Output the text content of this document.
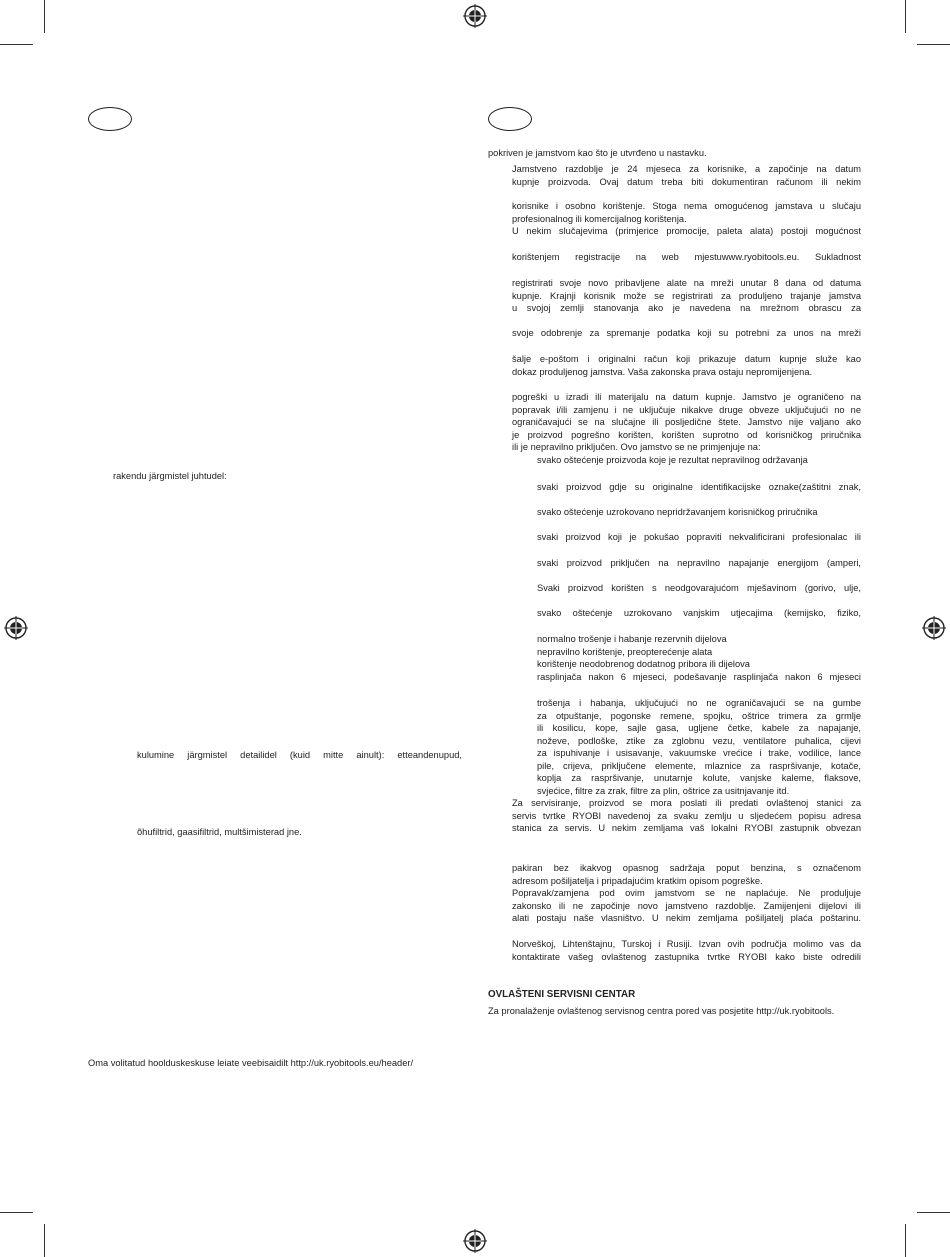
rakendu järgmistel juhtudel:
kulumine järgmistel detailidel (kuid mitte ainult): etteandenupud,
õhufiltrid, gaasifiltrid, multšimisterad jne.
Oma volitatud hoolduskeskuse leiate veebisaidilt http://uk.ryobitools.eu/header/
pokriven je jamstvom kao što je utvrđeno u nastavku.
Jamstveno razdoblje je 24 mjeseca za korisnike, a započinje na datum
kupnje proizvoda. Ovaj datum treba biti dokumentiran računom ili nekim
korisnike i osobno korištenje. Stoga nema omogućenog jamstava u slučaju
profesionalnog ili komercijalnog korištenja.
U nekim slučajevima (primjerice promocije, paleta alata) postoji mogućnost
korištenjem registracije na web mjestuwww.ryobitools.eu. Sukladnost
registrirati svoje novo pribavljene alate na mreži unutar 8 dana od datuma
kupnje. Krajnji korisnik može se registrirati za produljeno trajanje jamstva
u svojoj zemlji stanovanja ako je navedena na mrežnom obrascu za
svoje odobrenje za spremanje podatka koji su potrebni za unos na mreži
šalje e-poštom i originalni račun koji prikazuje datum kupnje služe kao
dokaz produljenog jamstva. Vaša zakonska prava ostaju nepromijenjena.
pogreški u izradi ili materijalu na datum kupnje. Jamstvo je ograničeno na
popravak i/ili zamjenu i ne uključuje nikakve druge obveze uključujući no ne
ograničavajući se na slučajne ili posljedične štete. Jamstvo nije valjano ako
je proizvod pogrešno korišten, korišten suprotno od korisničkog priručnika
ili je nepravilno priključen. Ovo jamstvo se ne primjenjuje na:
svako oštećenje proizvoda koje je rezultat nepravilnog održavanja
svaki proizvod gdje su originalne identifikacijske oznake(zaštitni znak,
svako oštećenje uzrokovano nepridržavanjem korisničkog priručnika
svaki proizvod koji je pokušao popraviti nekvalificirani profesionalac ili
svaki proizvod priključen na nepravilno napajanje energijom (amperi,
Svaki proizvod korišten s neodgovarajućom mješavinom (gorivo, ulje,
svako oštećenje uzrokovano vanjskim utjecajima (kemijsko, fiziko,
normalno trošenje i habanje rezervnih dijelova
nepravilno korištenje, preopterećenje alata
korištenje neodobrenog dodatnog pribora ili dijelova
rasplinjača nakon 6 mjeseci, podešavanje rasplinjača nakon 6 mjeseci
trošenja i habanja, uključujući no ne ograničavajući se na gumbe
za otpuštanje, pogonske remene, spojku, oštrice trimera za grmlje
ili kosilicu, kope, sajle gasa, ugljene četke, kabele za napajanje,
noževe, podloške, ztike za zglobnu vezu, ventilatore puhalica, cijevi
za ispuhivanje i usisavanje, vakuumske vrećice i trake, vodilice, lance
pile, crijeva, priključene elemente, mlaznice za raspršivanje, kotače,
koplja za raspršivanje, unutarnje kolute, vanjske kaleme, flaksove,
svjećice, filtre za zrak, filtre za plin, oštrice za usitnjavanje itd.
Za servisiranje, proizvod se mora poslati ili predati ovlaštenoj stanici za
servis tvrtke RYOBI navedenoj za svaku zemlju u sljedećem popisu adresa
stanica za servis. U nekim zemljama vaš lokalni RYOBI zastupnik obvezan
pakiran bez ikakvog opasnog sadržaja poput benzina, s označenom
adresom pošiljatelja i pripadajućim kratkim opisom pogreške.
Popravak/zamjena pod ovim jamstvom se ne naplaćuje. Ne produljuje
zakonsko ili ne započinje novo jamstveno razdoblje. Zamijenjeni dijelovi ili
alati postaju naše vlasništvo. U nekim zemljama pošiljatelj plaća poštarinu.
Norveškoj, Lihtenštajnu, Turskoj i Rusiji. Izvan ovih područja molimo vas da
kontaktirate vašeg ovlaštenog zastupnika tvrtke RYOBI kako biste odredili
OVLAŠTENI SERVISNI CENTAR
Za pronalaženje ovlaštenog servisnog centra pored vas posjetite http://uk.ryobitools.
